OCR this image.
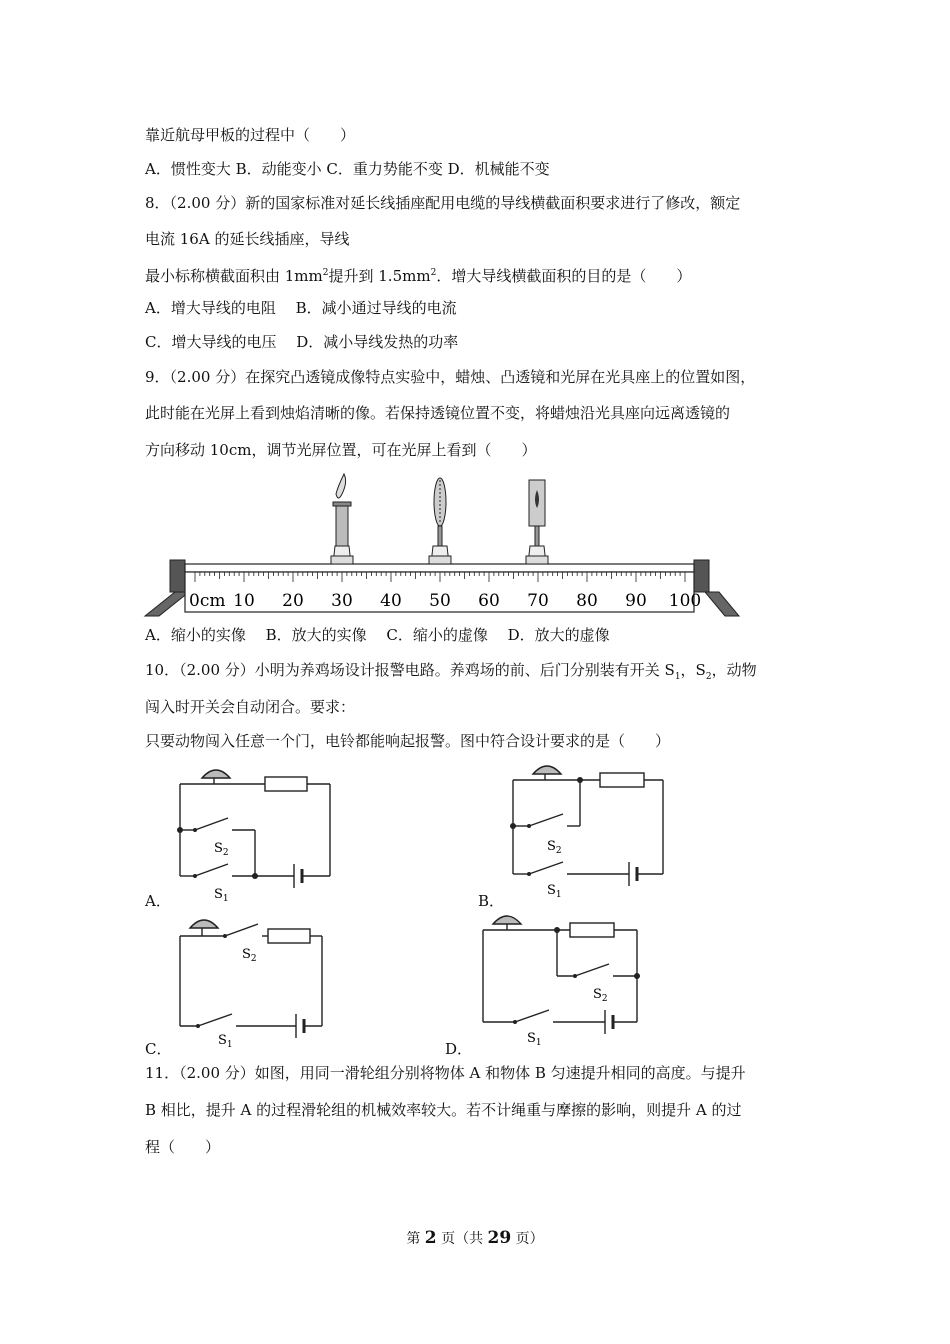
靠近航母甲板的过程中（　　）
A．惯性变大 B．动能变小 C．重力势能不变 D．机械能不变
8．（2.00 分）新的国家标准对延长线插座配用电缆的导线横截面积要求进行了修改，额定
电流 16A 的延长线插座，导线
最小标称横截面积由 $1mm^2$提升到 $1.5mm^2$．增大导线横截面积的目的是（　　）
A．增大导线的电阻　 B．减小通过导线的电流
C．增大导线的电压　 D．减小导线发热的功率
9．（2.00 分）在探究凸透镜成像特点实验中，蜡烛、凸透镜和光屏在光具座上的位置如图，
此时能在光屏上看到烛焰清晰的像。若保持透镜位置不变，将蜡烛沿光具座向远离透镜的
方向移动 10cm，调节光屏位置，可在光屏上看到（　　）
0cm 10 20 30 40 50 60 70 80 90 100
A．缩小的实像　 B．放大的实像　 C．缩小的虚像　 D．放大的虚像
10．（2.00 分）小明为养鸡场设计报警电路。养鸡场的前、后门分别装有开关 $S_1$，$S_2$，动物
闯入时开关会自动闭合。要求：
只要动物闯入任意一个门，电铃都能响起报警。图中符合设计要求的是（　　）
$S_2$
$S_1$
A．
$S_2$
$S_1$
B．
$S_2$
$S_1$
C．
$S_2$
$S_1$
D．
11．（2.00 分）如图，用同一滑轮组分别将物体 A 和物体 B 匀速提升相同的高度。与提升
B 相比，提升 A 的过程滑轮组的机械效率较大。若不计绳重与摩擦的影响，则提升 A 的过
程（　　）
第 2 页（共 29 页）
